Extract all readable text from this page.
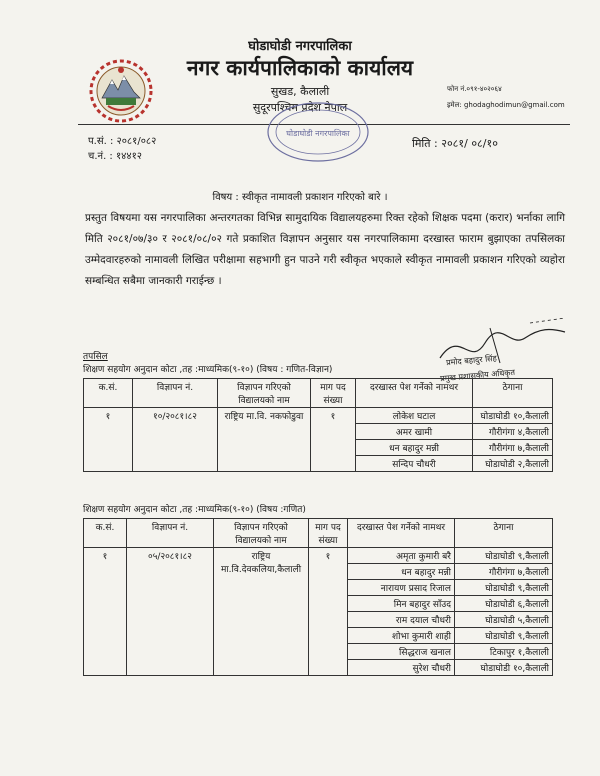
घोडाघोडी नगरपालिका
नगर कार्यपालिकाको कार्यालय
सुखड, कैलाली
सुदूरपश्चिम प्रदेश नेपाल
फोन नं.०९१-४०२०६४
इमेल: ghodaghodimun@gmail.com
प.सं. : २०८१/०८२
च.नं. : १४४१२
मिति : २०८१/ ०८/१०
घोडाघोडी नगरपालिका
विषय : स्वीकृत नामावली प्रकाशन गरिएको बारे ।
प्रस्तुत विषयमा यस नगरपालिका अन्तरगतका विभिन्न सामुदायिक विद्यालयहरुमा रिक्त रहेको शिक्षक पदमा (करार) भर्नाका लागि मिति २०८१/०७/३० र २०८१/०८/०२ गते प्रकाशित विज्ञापन अनुसार यस नगरपालिकामा दरखास्त फाराम बुझाएका तपसिलका उम्मेदवारहरुको नामावली लिखित परीक्षामा सहभागी हुन पाउने गरी स्वीकृत भएकाले स्वीकृत नामावली प्रकाशन गरिएको व्यहोरा सम्बन्धित सबैमा जानकारी गराईन्छ ।
प्रमोद बहादुर सिंह
प्रमुख प्रशासकीय अधिकृत
तपसिल
शिक्षण सहयोग अनुदान कोटा ,तह :माध्यमिक(९-१०) (विषय : गणित-विज्ञान)
क.सं.	विज्ञापन नं.	विज्ञापन गरिएको विद्यालयको नाम	माग पद संख्या	दरखास्त पेश गर्नेको नामथर	ठेगाना
१	१०/२०८१।८२	राष्ट्रिय मा.वि. नकफोडुवा	१	लोकेश घटाल	घोडाघोडी १०,कैलाली
				अमर खामी	गौरीगंगा ४,कैलाली
				धन बहादुर मन्नी	गौरीगंगा ७,कैलाली
				सन्दिप चौधरी	घोडाघोडी २,कैलाली
शिक्षण सहयोग अनुदान कोटा ,तह :माध्यमिक(९-१०) (विषय :गणित)
क.सं.	विज्ञापन नं.	विज्ञापन गरिएको विद्यालयको नाम	माग पद संख्या	दरखास्त पेश गर्नेको नामथर	ठेगाना
१	०५/२०८१।८२	राष्ट्रिय मा.वि.देवकलिया,कैलाली	१	अमृता कुमारी बरै	घोडाघोडी ९,कैलाली
				धन बहादुर मन्नी	गौरीगंगा ७,कैलाली
				नारायण प्रसाद रिजाल	घोडाघोडी ९,कैलाली
				मिन बहादुर साँउद	घोडाघोडी ६,कैलाली
				राम दयाल चौधरी	घोडाघोडी ५,कैलाली
				शोभा कुमारी शाही	घोडाघोडी ९,कैलाली
				सिद्धराज खनाल	टिकापुर १,कैलाली
				सुरेश चौधरी	घोडाघोडी १०,कैलाली
